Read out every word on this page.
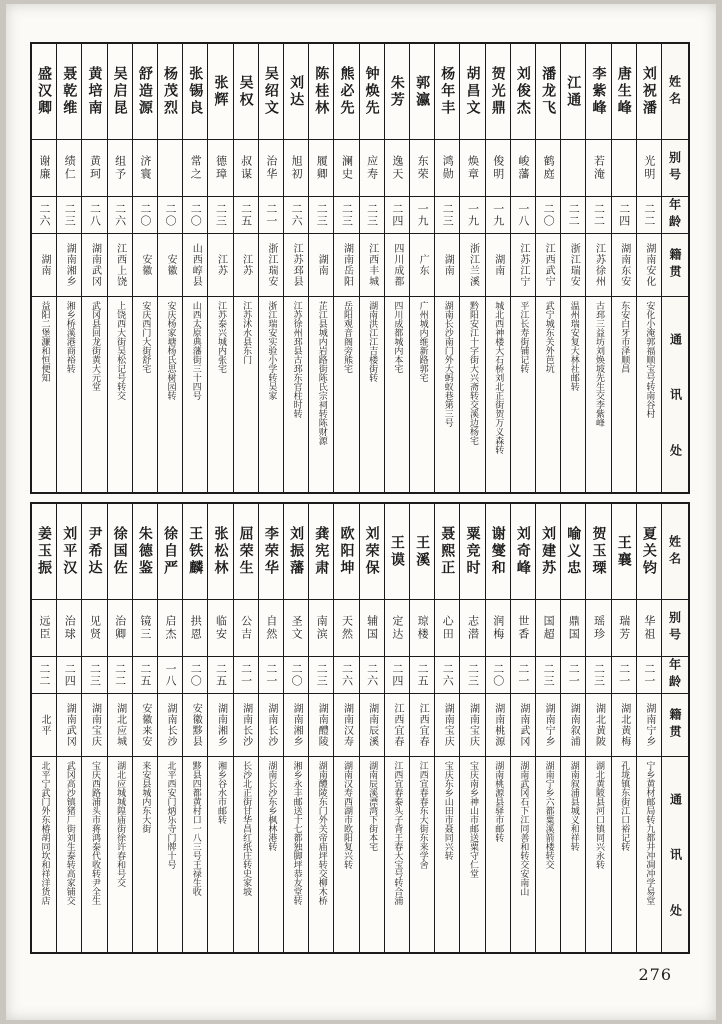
姓名
别号
年龄
籍贯
通
讯
处
刘祝潘
光明
二二
湖南安化
安化小淹郭福顺宝号转南谷村
唐生峰
二四
湖南东安
东安白牙市泽顺昌
李紫峰
若淹
二二
江苏徐州
古邳三益坊刘焕坡先生交李紫峰
江通
二二
浙江瑞安
温州瑞安复大林社邮转
潘龙飞
鹤庭
二〇
江西武宁
武宁城东关外芭坑
刘俊杰
峻藩
一八
江苏江宁
平江长寿街铺记转
贺光鼎
俊明
一九
湖南
城北西神楼大石桥刘北正街贺万义森转
胡昌文
焕章
一九
浙江兰溪
黔阳安江十字街大兴斋转交溪边杨宅
杨年丰
鸿勋
二三
湖南
湖南长沙南门外大蚂蚁巷第三号
郭瀛
东荣
一九
广东
广州城内维新路郭宅
朱芳
逸天
二四
四川成都
四川成都城内本宅
钟焕先
应寿
二三
江西丰城
湖南洪江江吉楼街转
熊必先
澜史
二三
湖南岳阳
岳阳观音阁旁熊宅
陈桂林
履卿
二三
湖南
芷江县城内岩路街陈氏宗祠转陈财源
刘达
旭初
二六
江苏邳县
江苏徐州邳县古邳东官柱时转
吴绍文
治华
二一
浙江瑞安
浙江瑞安实验小学转吴家
吴权
叔谋
二五
江苏
江苏沭水县东门
张辉
德璋
二三
江苏
江苏泰兴城内张宅
张锡良
常之
二〇
山西崞县
山西太原典藩街三十四号
杨茂烈
二〇
安徽
安庆杨家塘杨氏思树园转
舒造源
济寰
二〇
安徽
安庆西门大街舒宅
吴启昆
组予
二六
江西上饶
上饶西大街吴松记号转交
黄培南
黄珂
二八
湖南武冈
武冈县回龙街黄大元堂
聂乾维
绩仁
二三
湖南湘乡
湘乡桥溪港商裕转
盛汉卿
谢廉
二六
湖南
益阳二堡濂和恒便知
姓名
别号
年龄
籍贯
通
讯
处
夏关钧
华祖
二一
湖南宁乡
宁乡黄材邮局转九都井冲凋冲学易堂
王襄
瑞芳
二一
湖北黄梅
孔垅镇东街江口裕记转
贺玉瑮
瑶珍
二三
湖北黄陂
湖北黄陂县河口镇同兴永转
喻义忠
鼎国
二一
湖南叙浦
湖南叙浦县城义和祥转
刘建苏
国超
二三
湖南宁乡
湖南宁乡六都粟溪箭楼转交
刘奇峰
世香
二一
湖南武冈
湖南武冈石下江同善和转交安南山
谢燮和
润梅
二〇
湖南桃源
湖南桃源县驿市邮转
粟竞时
志潜
二三
湖南宝庆
宝庆南乡神山市邮送粟守仁堂
聂熙正
心田
二六
湖南宝庆
宝庆东乡山田市聂同兴转
王溪
琼楼
二五
江西宜春
江西宜春春东大街东来学舍
王谟
定达
二四
江西宜春
江西宜春泰头子背王春大宝号转合浦
刘荣保
辅国
二六
湖南辰溪
湖南辰溪漂湾下街本宅
欧阳坤
天然
二六
湖南汉寿
湖南汉寿西湖市欧阳复兴转
龚宪肃
南滨
二三
湖南醴陵
湖南醴陵东门外关帝庙坪转交柳木桥
刘振藩
圣文
二〇
湖南湘乡
湘乡永丰邮送十七都独脚坪恭友堂转
李荣华
自然
二一
湖南长沙
湖南长沙东乡枫林港转
屈荣生
公吉
二一
湖南长沙
长沙北正街甘华昌红纸庄转史家坡
张松林
临安
二五
湖南湘乡
湘乡谷水市邮转
王铁麟
拱恩
二〇
安徽黟县
黟县四都黄村口一八三号王禄生收
徐自严
启杰
一八
湖南长沙
北平西安门炳乐寺门牌十号
朱德鉴
镜三
二五
安徽来安
来安县城内东大街
徐国佐
治卿
二二
湖北应城
湖北应城城隍庙街徐许春和号交
尹希达
见贤
二三
湖南宝庆
宝庆西路浦头市蒋鸿泰代收转尹全生
刘平汉
治球
二四
湖南武冈
武冈高沙镇猪厂街刘生泰转高家铺交
姜玉振
远臣
二二
北平
北平宁武门外东椿胡同坎和祥洋货店
276
